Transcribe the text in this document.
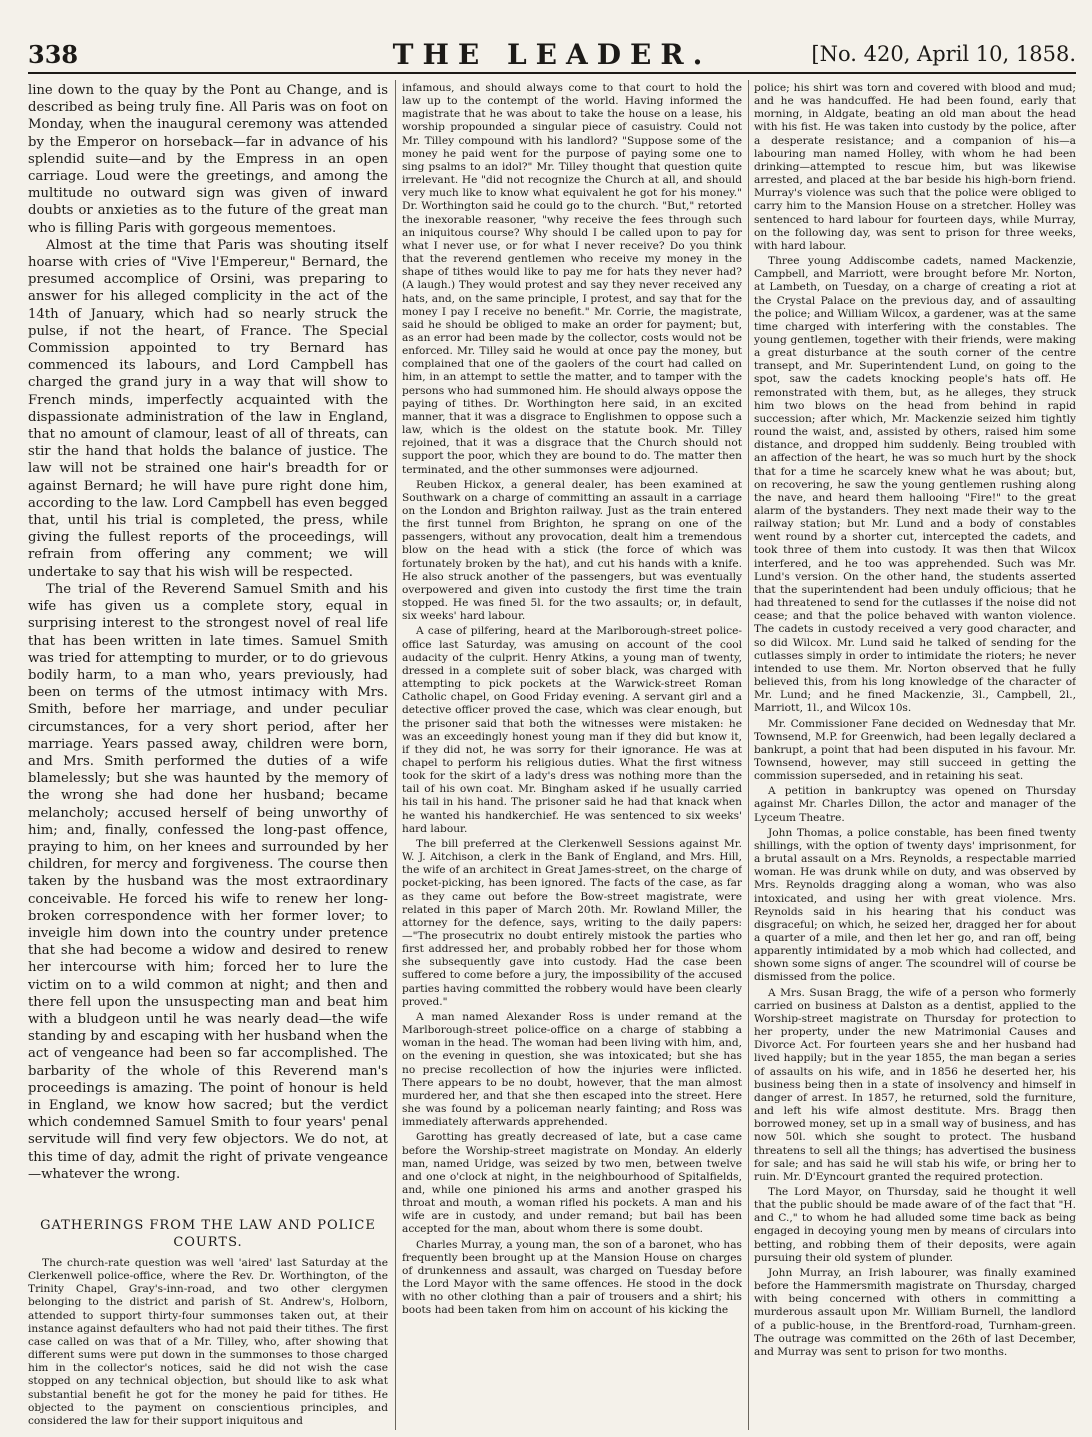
338	THE LEADER.	[No. 420, April 10, 1858.

line down to the quay by the Pont au Change, and is described as being truly fine. All Paris was on foot on Monday, when the inaugural ceremony was attended by the Emperor on horseback—far in advance of his splendid suite—and by the Empress in an open carriage. Loud were the greetings, and among the multitude no outward sign was given of inward doubts or anxieties as to the future of the great man who is filling Paris with gorgeous mementoes.

Almost at the time that Paris was shouting itself hoarse with cries of "Vive l'Empereur," Bernard, the presumed accomplice of Orsini, was preparing to answer for his alleged complicity in the act of the 14th of January, which had so nearly struck the pulse, if not the heart, of France. The Special Commission appointed to try Bernard has commenced its labours, and Lord Campbell has charged the grand jury in a way that will show to French minds, imperfectly acquainted with the dispassionate administration of the law in England, that no amount of clamour, least of all of threats, can stir the hand that holds the balance of justice. The law will not be strained one hair's breadth for or against Bernard; he will have pure right done him, according to the law. Lord Campbell has even begged that, until his trial is completed, the press, while giving the fullest reports of the proceedings, will refrain from offering any comment; we will undertake to say that his wish will be respected.

The trial of the Reverend Samuel Smith and his wife has given us a complete story, equal in surprising interest to the strongest novel of real life that has been written in late times. Samuel Smith was tried for attempting to murder, or to do grievous bodily harm, to a man who, years previously, had been on terms of the utmost intimacy with Mrs. Smith, before her marriage, and under peculiar circumstances, for a very short period, after her marriage. Years passed away, children were born, and Mrs. Smith performed the duties of a wife blamelessly; but she was haunted by the memory of the wrong she had done her husband; became melancholy; accused herself of being unworthy of him; and, finally, confessed the long-past offence, praying to him, on her knees and surrounded by her children, for mercy and forgiveness. The course then taken by the husband was the most extraordinary conceivable. He forced his wife to renew her long-broken correspondence with her former lover; to inveigle him down into the country under pretence that she had become a widow and desired to renew her intercourse with him; forced her to lure the victim on to a wild common at night; and then and there fell upon the unsuspecting man and beat him with a bludgeon until he was nearly dead—the wife standing by and escaping with her husband when the act of vengeance had been so far accomplished. The barbarity of the whole of this Reverend man's proceedings is amazing. The point of honour is held in England, we know how sacred; but the verdict which condemned Samuel Smith to four years' penal servitude will find very few objectors. We do not, at this time of day, admit the right of private vengeance—whatever the wrong.

GATHERINGS FROM THE LAW AND POLICE COURTS.

The church-rate question was well 'aired' last Saturday at the Clerkenwell police-office, where the Rev. Dr. Worthington, of the Trinity Chapel, Gray's-inn-road, and two other clergymen belonging to the district and parish of St. Andrew's, Holborn, attended to support thirty-four summonses taken out, at their instance against defaulters who had not paid their tithes. The first case called on was that of a Mr. Tilley, who, after showing that different sums were put down in the summonses to those charged him in the collector's notices, said he did not wish the case stopped on any technical objection, but should like to ask what substantial benefit he got for the money he paid for tithes. He objected to the payment on conscientious principles, and considered the law for their support iniquitous and

infamous, and should always come to that court to hold the law up to the contempt of the world. Having informed the magistrate that he was about to take the house on a lease, his worship propounded a singular piece of casuistry. Could not Mr. Tilley compound with his landlord? "Suppose some of the money he paid went for the purpose of paying some one to sing psalms to an idol?" Mr. Tilley thought that question quite irrelevant. He "did not recognize the Church at all, and should very much like to know what equivalent he got for his money." Dr. Worthington said he could go to the church. "But," retorted the inexorable reasoner, "why receive the fees through such an iniquitous course? Why should I be called upon to pay for what I never use, or for what I never receive? Do you think that the reverend gentlemen who receive my money in the shape of tithes would like to pay me for hats they never had? (A laugh.) They would protest and say they never received any hats, and, on the same principle, I protest, and say that for the money I pay I receive no benefit." Mr. Corrie, the magistrate, said he should be obliged to make an order for payment; but, as an error had been made by the collector, costs would not be enforced. Mr. Tilley said he would at once pay the money, but complained that one of the gaolers of the court had called on him, in an attempt to settle the matter, and to tamper with the persons who had summoned him. He should always oppose the paying of tithes. Dr. Worthington here said, in an excited manner, that it was a disgrace to Englishmen to oppose such a law, which is the oldest on the statute book. Mr. Tilley rejoined, that it was a disgrace that the Church should not support the poor, which they are bound to do. The matter then terminated, and the other summonses were adjourned.

Reuben Hickox, a general dealer, has been examined at Southwark on a charge of committing an assault in a carriage on the London and Brighton railway. Just as the train entered the first tunnel from Brighton, he sprang on one of the passengers, without any provocation, dealt him a tremendous blow on the head with a stick (the force of which was fortunately broken by the hat), and cut his hands with a knife. He also struck another of the passengers, but was eventually overpowered and given into custody the first time the train stopped. He was fined 5l. for the two assaults; or, in default, six weeks' hard labour.

A case of pilfering, heard at the Marlborough-street police-office last Saturday, was amusing on account of the cool audacity of the culprit. Henry Atkins, a young man of twenty, dressed in a complete suit of sober black, was charged with attempting to pick pockets at the Warwick-street Roman Catholic chapel, on Good Friday evening. A servant girl and a detective officer proved the case, which was clear enough, but the prisoner said that both the witnesses were mistaken: he was an exceedingly honest young man if they did but know it, if they did not, he was sorry for their ignorance. He was at chapel to perform his religious duties. What the first witness took for the skirt of a lady's dress was nothing more than the tail of his own coat. Mr. Bingham asked if he usually carried his tail in his hand. The prisoner said he had that knack when he wanted his handkerchief. He was sentenced to six weeks' hard labour.

The bill preferred at the Clerkenwell Sessions against Mr. W. J. Aitchison, a clerk in the Bank of England, and Mrs. Hill, the wife of an architect in Great James-street, on the charge of pocket-picking, has been ignored. The facts of the case, as far as they came out before the Bow-street magistrate, were related in this paper of March 20th. Mr. Rowland Miller, the attorney for the defence, says, writing to the daily papers: —"The prosecutrix no doubt entirely mistook the parties who first addressed her, and probably robbed her for those whom she subsequently gave into custody. Had the case been suffered to come before a jury, the impossibility of the accused parties having committed the robbery would have been clearly proved."

A man named Alexander Ross is under remand at the Marlborough-street police-office on a charge of stabbing a woman in the head. The woman had been living with him, and, on the evening in question, she was intoxicated; but she has no precise recollection of how the injuries were inflicted. There appears to be no doubt, however, that the man almost murdered her, and that she then escaped into the street. Here she was found by a policeman nearly fainting; and Ross was immediately afterwards apprehended.

Garotting has greatly decreased of late, but a case came before the Worship-street magistrate on Monday. An elderly man, named Uridge, was seized by two men, between twelve and one o'clock at night, in the neighbourhood of Spitalfields, and, while one pinioned his arms and another grasped his throat and mouth, a woman rifled his pockets. A man and his wife are in custody, and under remand; but bail has been accepted for the man, about whom there is some doubt.

Charles Murray, a young man, the son of a baronet, who has frequently been brought up at the Mansion House on charges of drunkenness and assault, was charged on Tuesday before the Lord Mayor with the same offences. He stood in the dock with no other clothing than a pair of trousers and a shirt; his boots had been taken from him on account of his kicking the

police; his shirt was torn and covered with blood and mud; and he was handcuffed. He had been found, early that morning, in Aldgate, beating an old man about the head with his fist. He was taken into custody by the police, after a desperate resistance; and a companion of his—a labouring man named Holley, with whom he had been drinking—attempted to rescue him, but was likewise arrested, and placed at the bar beside his high-born friend. Murray's violence was such that the police were obliged to carry him to the Mansion House on a stretcher. Holley was sentenced to hard labour for fourteen days, while Murray, on the following day, was sent to prison for three weeks, with hard labour.

Three young Addiscombe cadets, named Mackenzie, Campbell, and Marriott, were brought before Mr. Norton, at Lambeth, on Tuesday, on a charge of creating a riot at the Crystal Palace on the previous day, and of assaulting the police; and William Wilcox, a gardener, was at the same time charged with interfering with the constables. The young gentlemen, together with their friends, were making a great disturbance at the south corner of the centre transept, and Mr. Superintendent Lund, on going to the spot, saw the cadets knocking people's hats off. He remonstrated with them, but, as he alleges, they struck him two blows on the head from behind in rapid succession; after which, Mr. Mackenzie seized him tightly round the waist, and, assisted by others, raised him some distance, and dropped him suddenly. Being troubled with an affection of the heart, he was so much hurt by the shock that for a time he scarcely knew what he was about; but, on recovering, he saw the young gentlemen rushing along the nave, and heard them hallooing "Fire!" to the great alarm of the bystanders. They next made their way to the railway station; but Mr. Lund and a body of constables went round by a shorter cut, intercepted the cadets, and took three of them into custody. It was then that Wilcox interfered, and he too was apprehended. Such was Mr. Lund's version. On the other hand, the students asserted that the superintendent had been unduly officious; that he had threatened to send for the cutlasses if the noise did not cease; and that the police behaved with wanton violence. The cadets in custody received a very good character, and so did Wilcox. Mr. Lund said he talked of sending for the cutlasses simply in order to intimidate the rioters; he never intended to use them. Mr. Norton observed that he fully believed this, from his long knowledge of the character of Mr. Lund; and he fined Mackenzie, 3l., Campbell, 2l., Marriott, 1l., and Wilcox 10s.

Mr. Commissioner Fane decided on Wednesday that Mr. Townsend, M.P. for Greenwich, had been legally declared a bankrupt, a point that had been disputed in his favour. Mr. Townsend, however, may still succeed in getting the commission superseded, and in retaining his seat.

A petition in bankruptcy was opened on Thursday against Mr. Charles Dillon, the actor and manager of the Lyceum Theatre.

John Thomas, a police constable, has been fined twenty shillings, with the option of twenty days' imprisonment, for a brutal assault on a Mrs. Reynolds, a respectable married woman. He was drunk while on duty, and was observed by Mrs. Reynolds dragging along a woman, who was also intoxicated, and using her with great violence. Mrs. Reynolds said in his hearing that his conduct was disgraceful; on which, he seized her, dragged her for about a quarter of a mile, and then let her go, and ran off, being apparently intimidated by a mob which had collected, and shown some signs of anger. The scoundrel will of course be dismissed from the police.

A Mrs. Susan Bragg, the wife of a person who formerly carried on business at Dalston as a dentist, applied to the Worship-street magistrate on Thursday for protection to her property, under the new Matrimonial Causes and Divorce Act. For fourteen years she and her husband had lived happily; but in the year 1855, the man began a series of assaults on his wife, and in 1856 he deserted her, his business being then in a state of insolvency and himself in danger of arrest. In 1857, he returned, sold the furniture, and left his wife almost destitute. Mrs. Bragg then borrowed money, set up in a small way of business, and has now 50l. which she sought to protect. The husband threatens to sell all the things; has advertised the business for sale; and has said he will stab his wife, or bring her to ruin. Mr. D'Eyncourt granted the required protection.

The Lord Mayor, on Thursday, said he thought it well that the public should be made aware of of the fact that "H. and C.," to whom he had alluded some time back as being engaged in decoying young men by means of circulars into betting, and robbing them of their deposits, were again pursuing their old system of plunder.

John Murray, an Irish labourer, was finally examined before the Hammersmith magistrate on Thursday, charged with being concerned with others in committing a murderous assault upon Mr. William Burnell, the landlord of a public-house, in the Brentford-road, Turnham-green. The outrage was committed on the 26th of last December, and Murray was sent to prison for two months.
